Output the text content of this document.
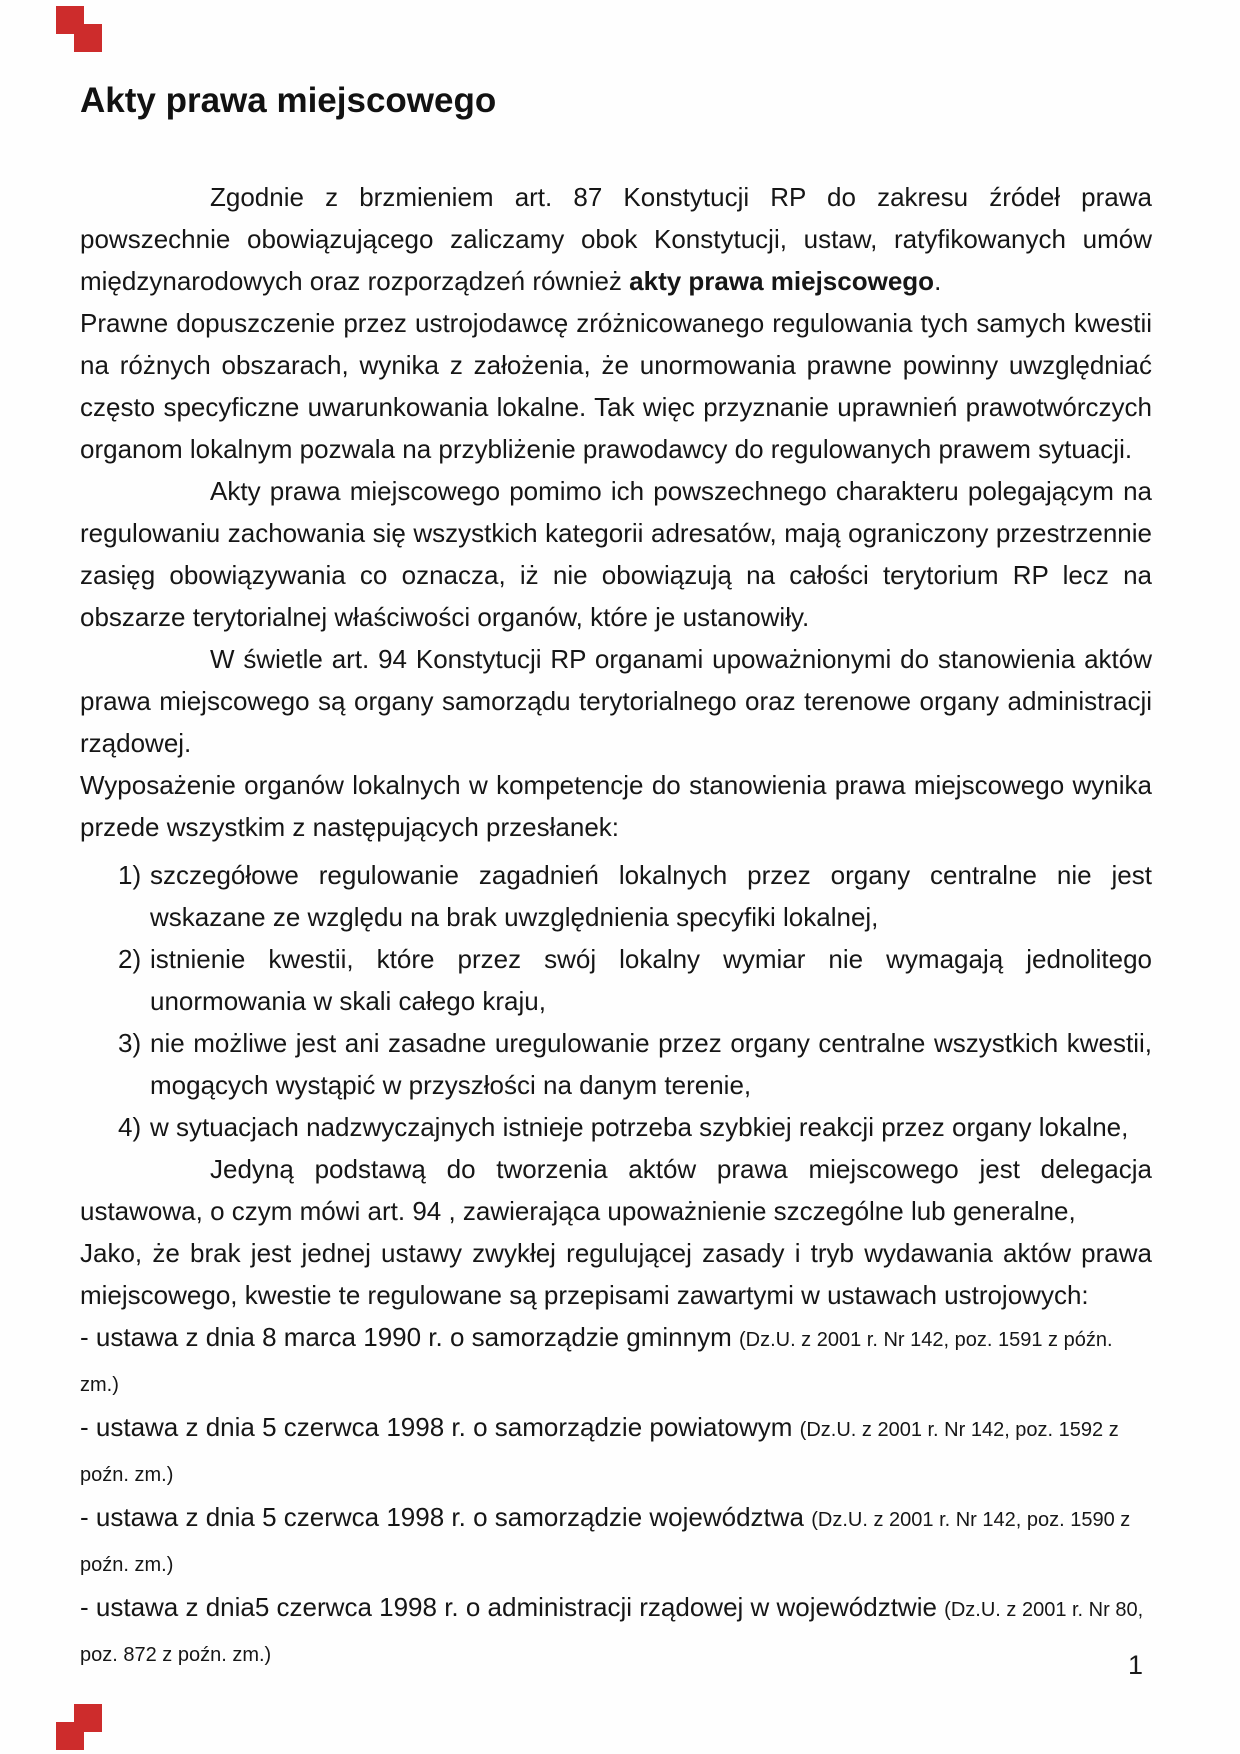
Akty prawa miejscowego

Zgodnie z brzmieniem art. 87 Konstytucji RP do zakresu źródeł prawa powszechnie obowiązującego zaliczamy obok Konstytucji, ustaw, ratyfikowanych umów międzynarodowych oraz rozporządzeń również akty prawa miejscowego.

Prawne dopuszczenie przez ustrojodawcę zróżnicowanego regulowania tych samych kwestii na różnych obszarach, wynika z założenia, że unormowania prawne powinny uwzględniać często specyficzne uwarunkowania lokalne. Tak więc przyznanie uprawnień prawotwórczych organom lokalnym pozwala na przybliżenie prawodawcy do regulowanych prawem sytuacji.

Akty prawa miejscowego pomimo ich powszechnego charakteru polegającym na regulowaniu zachowania się wszystkich kategorii adresatów, mają ograniczony przestrzennie zasięg obowiązywania co oznacza, iż nie obowiązują na całości terytorium RP lecz na obszarze terytorialnej właściwości organów, które je ustanowiły.

W świetle art. 94 Konstytucji RP organami upoważnionymi do stanowienia aktów prawa miejscowego są organy samorządu terytorialnego oraz terenowe organy administracji rządowej.

Wyposażenie organów lokalnych w kompetencje do stanowienia prawa miejscowego wynika przede wszystkim z następujących przesłanek:

1) szczegółowe regulowanie zagadnień lokalnych przez organy centralne nie jest wskazane ze względu na brak uwzględnienia specyfiki lokalnej,
2) istnienie kwestii, które przez swój lokalny wymiar nie wymagają jednolitego unormowania w skali całego kraju,
3) nie możliwe jest ani zasadne uregulowanie przez organy centralne wszystkich kwestii, mogących wystąpić w przyszłości na danym terenie,
4) w sytuacjach nadzwyczajnych istnieje potrzeba szybkiej reakcji przez organy lokalne,

Jedyną podstawą do tworzenia aktów prawa miejscowego jest delegacja ustawowa, o czym mówi art. 94 , zawierająca upoważnienie szczególne lub generalne,

Jako, że brak jest jednej ustawy zwykłej regulującej zasady i tryb wydawania aktów prawa miejscowego, kwestie te regulowane są przepisami zawartymi w ustawach ustrojowych:

- ustawa z dnia 8 marca 1990 r. o samorządzie gminnym (Dz.U. z 2001 r. Nr 142, poz. 1591 z późn. zm.)

- ustawa z dnia 5 czerwca 1998 r. o samorządzie powiatowym (Dz.U. z 2001 r. Nr 142, poz. 1592 z poźn. zm.)

- ustawa z dnia 5 czerwca 1998 r. o samorządzie województwa (Dz.U. z 2001 r. Nr 142, poz. 1590 z poźn. zm.)

- ustawa z dnia5 czerwca 1998 r. o administracji rządowej w województwie (Dz.U. z 2001 r. Nr 80, poz. 872 z poźn. zm.)	1
